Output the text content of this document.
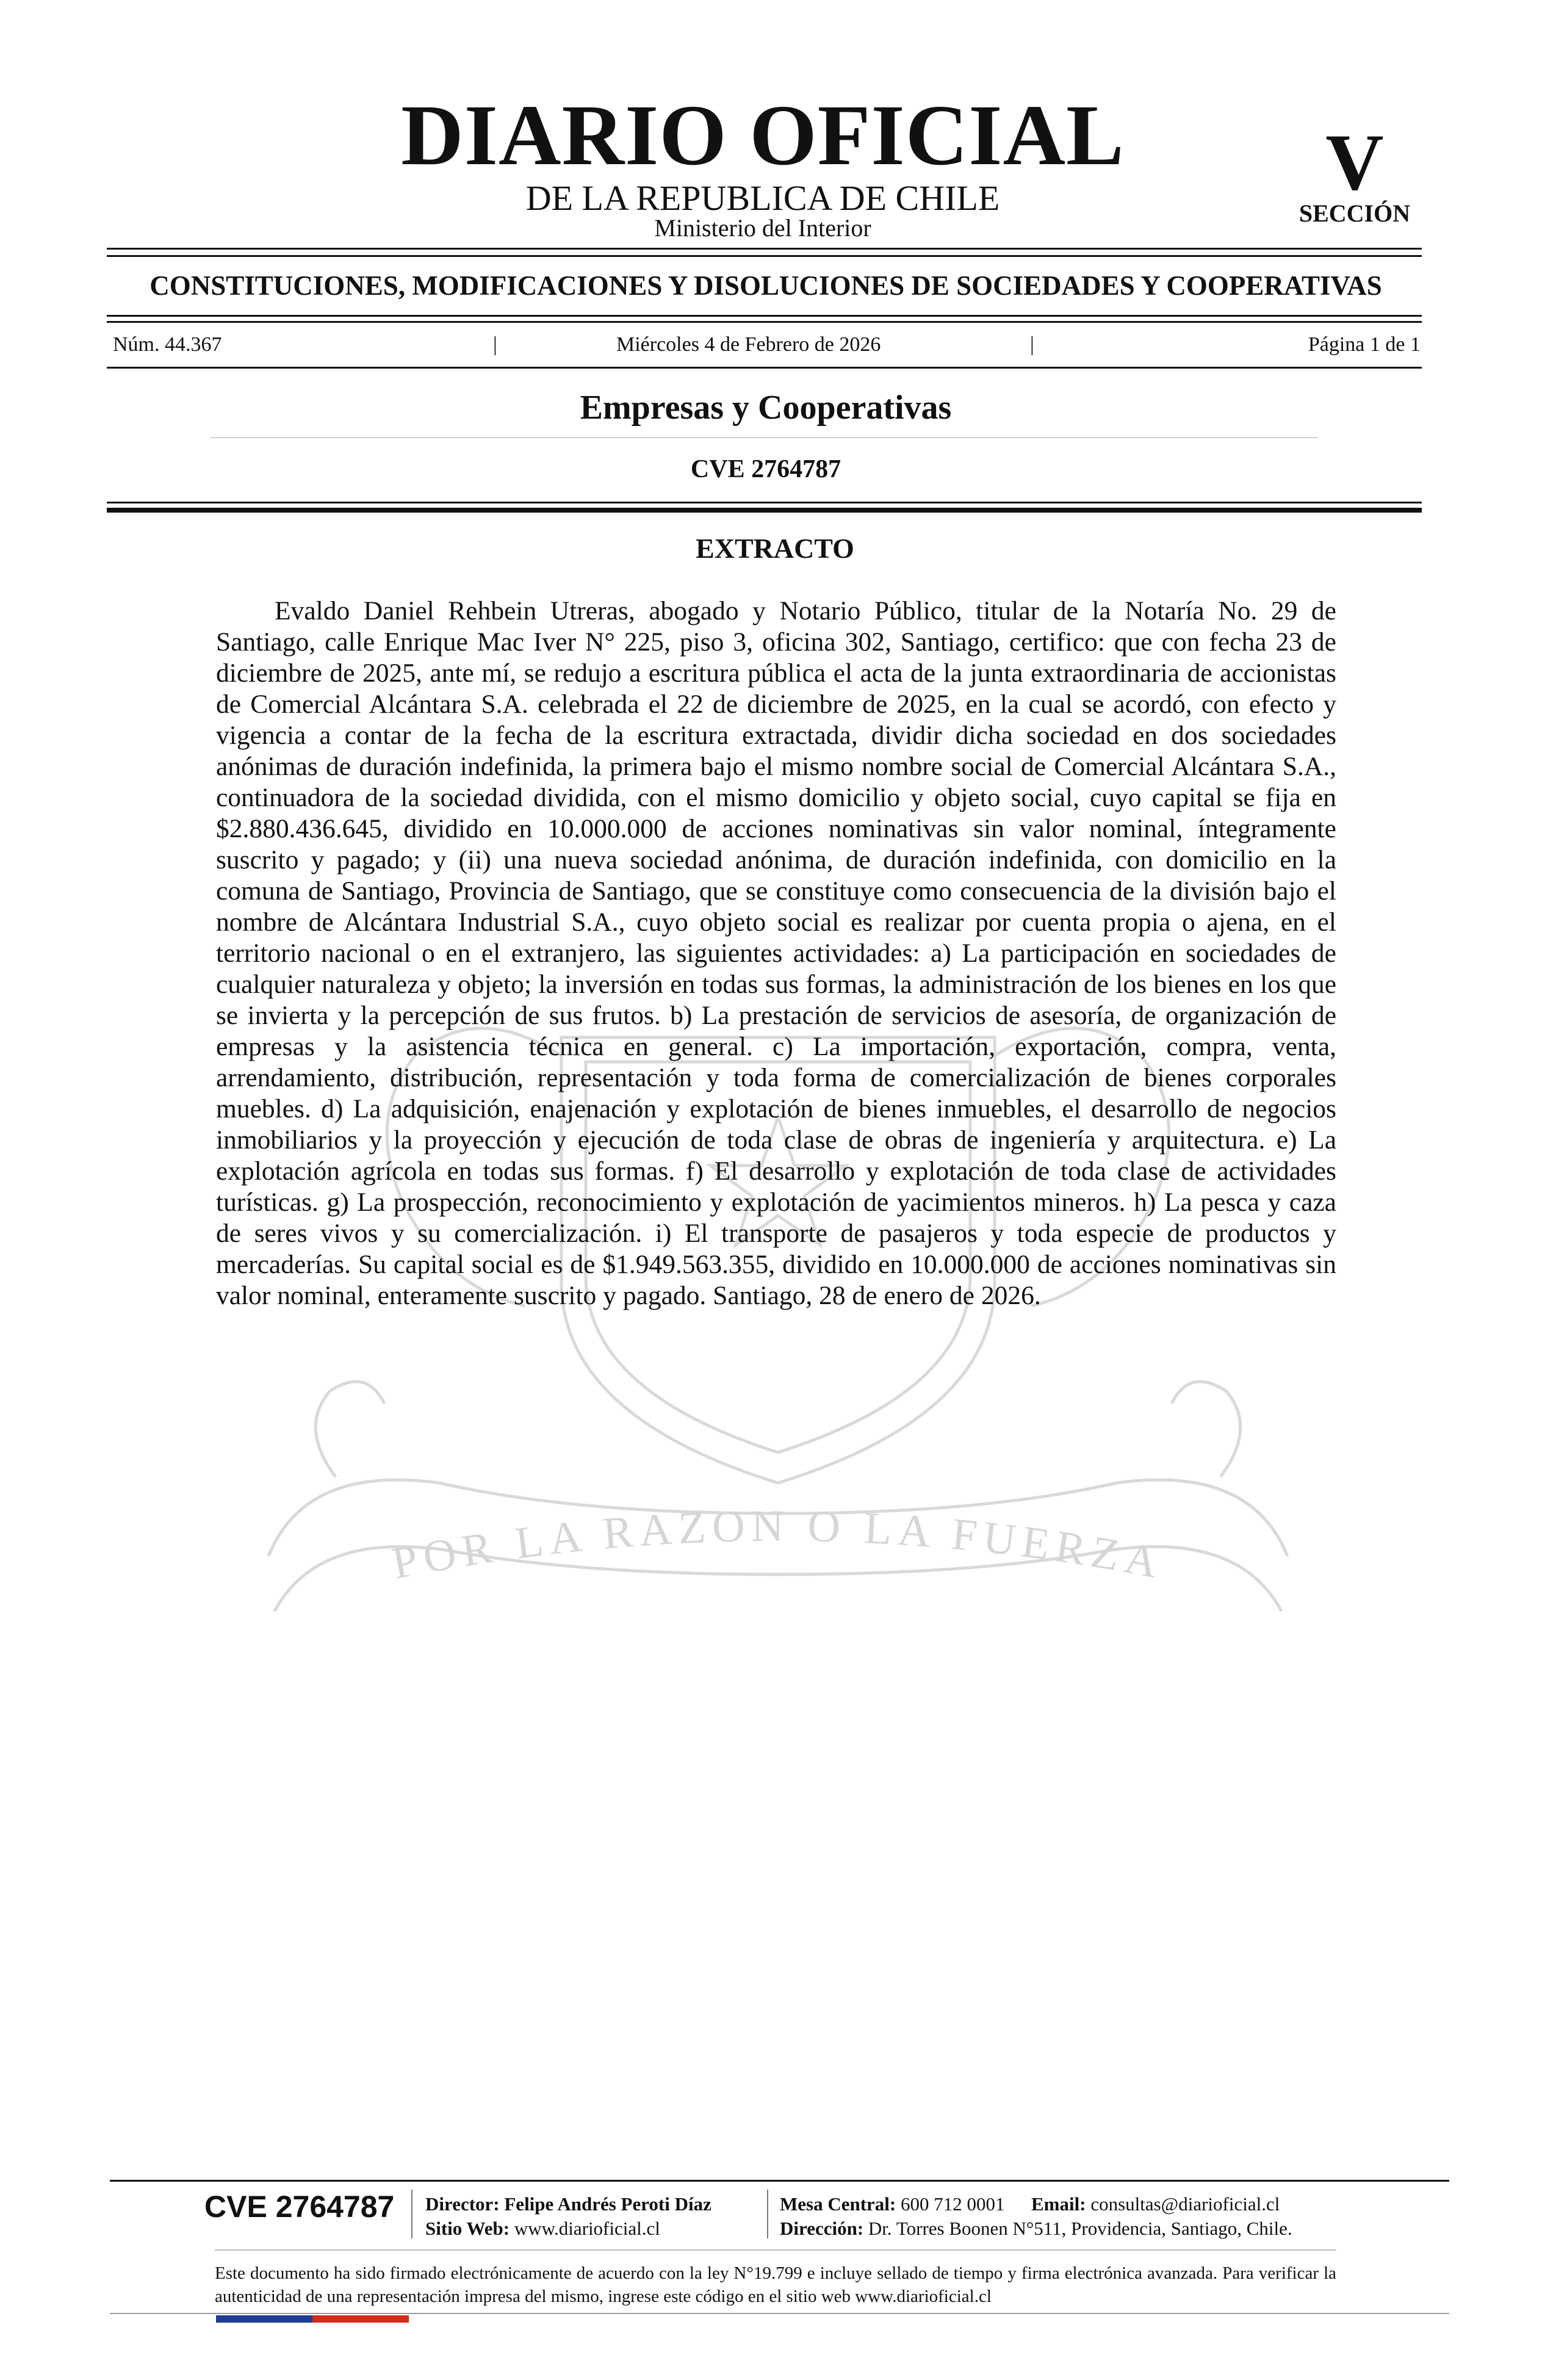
DIARIO OFICIAL
DE LA REPUBLICA DE CHILE
Ministerio del Interior
V
SECCIÓN
CONSTITUCIONES, MODIFICACIONES Y DISOLUCIONES DE SOCIEDADES Y COOPERATIVAS
Núm. 44.367	|	Miércoles 4 de Febrero de 2026	|	Página 1 de 1
Empresas y Cooperativas
CVE 2764787
POR LA RAZON O LA FUERZA
EXTRACTO
Evaldo Daniel Rehbein Utreras, abogado y Notario Público, titular de la Notaría No. 29 de Santiago, calle Enrique Mac Iver N° 225, piso 3, oficina 302, Santiago, certifico: que con fecha 23 de diciembre de 2025, ante mí, se redujo a escritura pública el acta de la junta extraordinaria de accionistas de Comercial Alcántara S.A. celebrada el 22 de diciembre de 2025, en la cual se acordó, con efecto y vigencia a contar de la fecha de la escritura extractada, dividir dicha sociedad en dos sociedades anónimas de duración indefinida, la primera bajo el mismo nombre social de Comercial Alcántara S.A., continuadora de la sociedad dividida, con el mismo domicilio y objeto social, cuyo capital se fija en $2.880.436.645, dividido en 10.000.000 de acciones nominativas sin valor nominal, íntegramente suscrito y pagado; y (ii) una nueva sociedad anónima, de duración indefinida, con domicilio en la comuna de Santiago, Provincia de Santiago, que se constituye como consecuencia de la división bajo el nombre de Alcántara Industrial S.A., cuyo objeto social es realizar por cuenta propia o ajena, en el territorio nacional o en el extranjero, las siguientes actividades: a) La participación en sociedades de cualquier naturaleza y objeto; la inversión en todas sus formas, la administración de los bienes en los que se invierta y la percepción de sus frutos. b) La prestación de servicios de asesoría, de organización de empresas y la asistencia técnica en general. c) La importación, exportación, compra, venta, arrendamiento, distribución, representación y toda forma de comercialización de bienes corporales muebles. d) La adquisición, enajenación y explotación de bienes inmuebles, el desarrollo de negocios inmobiliarios y la proyección y ejecución de toda clase de obras de ingeniería y arquitectura. e) La explotación agrícola en todas sus formas. f) El desarrollo y explotación de toda clase de actividades turísticas. g) La prospección, reconocimiento y explotación de yacimientos mineros. h) La pesca y caza de seres vivos y su comercialización. i) El transporte de pasajeros y toda especie de productos y mercaderías. Su capital social es de $1.949.563.355, dividido en 10.000.000 de acciones nominativas sin valor nominal, enteramente suscrito y pagado. Santiago, 28 de enero de 2026.
CVE 2764787 Director: Felipe Andrés Peroti Díaz
Sitio Web: www.diarioficial.cl
Mesa Central: 600 712 0001 Email: consultas@diarioficial.cl
Dirección: Dr. Torres Boonen N°511, Providencia, Santiago, Chile.
Este documento ha sido firmado electrónicamente de acuerdo con la ley N°19.799 e incluye sellado de tiempo y firma electrónica avanzada. Para verificar la autenticidad de una representación impresa del mismo, ingrese este código en el sitio web www.diarioficial.cl
